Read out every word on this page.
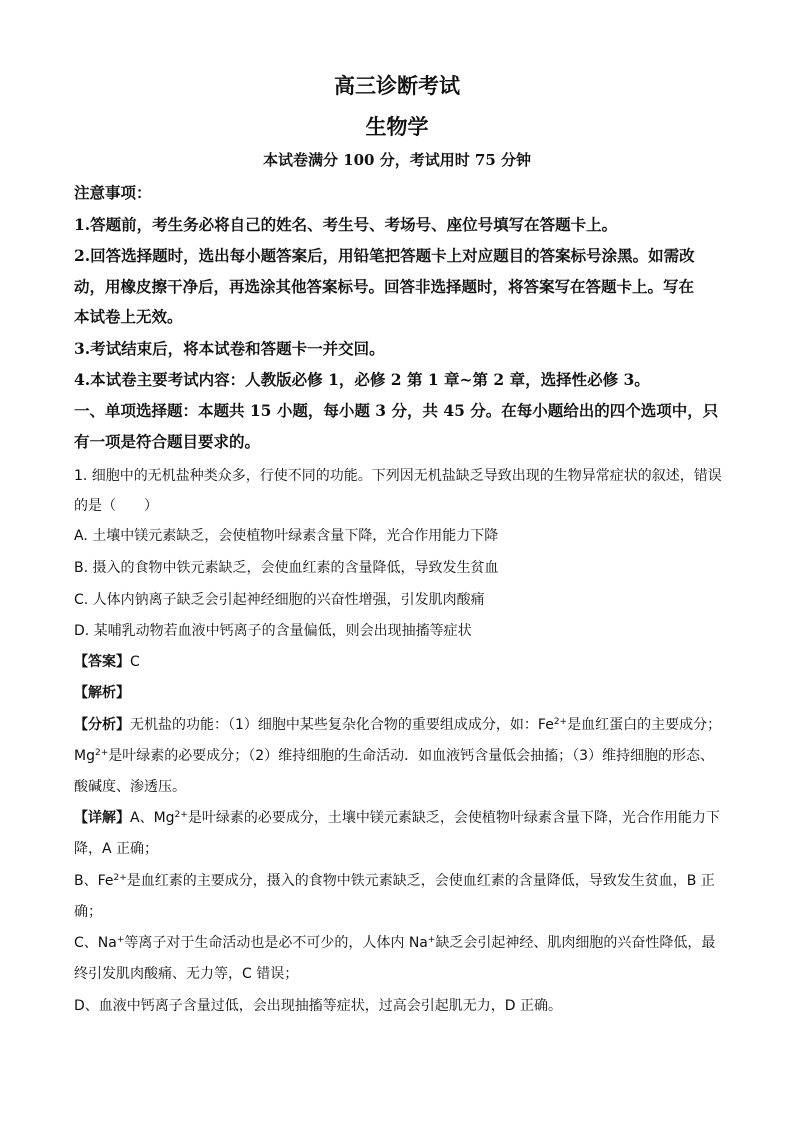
高三诊断考试
生物学
本试卷满分 100 分，考试用时 75 分钟
注意事项：
1.答题前，考生务必将自己的姓名、考生号、考场号、座位号填写在答题卡上。
2.回答选择题时，选出每小题答案后，用铅笔把答题卡上对应题目的答案标号涂黑。如需改
动，用橡皮擦干净后，再选涂其他答案标号。回答非选择题时，将答案写在答题卡上。写在
本试卷上无效。
3.考试结束后，将本试卷和答题卡一并交回。
4.本试卷主要考试内容：人教版必修 1，必修 2 第 1 章~第 2 章，选择性必修 3。
一、单项选择题：本题共 15 小题，每小题 3 分，共 45 分。在每小题给出的四个选项中，只
有一项是符合题目要求的。
1. 细胞中的无机盐种类众多，行使不同的功能。下列因无机盐缺乏导致出现的生物异常症状的叙述，错误
的是（　　）
A. 土壤中镁元素缺乏，会使植物叶绿素含量下降，光合作用能力下降
B. 摄入的食物中铁元素缺乏，会使血红素的含量降低，导致发生贫血
C. 人体内钠离子缺乏会引起神经细胞的兴奋性增强，引发肌肉酸痛
D. 某哺乳动物若血液中钙离子的含量偏低，则会出现抽搐等症状
【答案】C
【解析】
【分析】无机盐的功能：（1）细胞中某些复杂化合物的重要组成成分，如：$Fe^{2+}$是血红蛋白的主要成分；
$Mg^{2+}$是叶绿素的必要成分；（2）维持细胞的生命活动．如血液钙含量低会抽搐；（3）维持细胞的形态、
酸碱度、渗透压。
【详解】A、$Mg^{2+}$是叶绿素的必要成分，土壤中镁元素缺乏，会使植物叶绿素含量下降，光合作用能力下
降，A 正确；
B、$Fe^{2+}$是血红素的主要成分，摄入的食物中铁元素缺乏，会使血红素的含量降低，导致发生贫血，B 正
确；
C、Na+等离子对于生命活动也是必不可少的，人体内 Na+缺乏会引起神经、肌肉细胞的兴奋性降低，最
终引发肌肉酸痛、无力等，C 错误；
D、血液中钙离子含量过低，会出现抽搐等症状，过高会引起肌无力，D 正确。
